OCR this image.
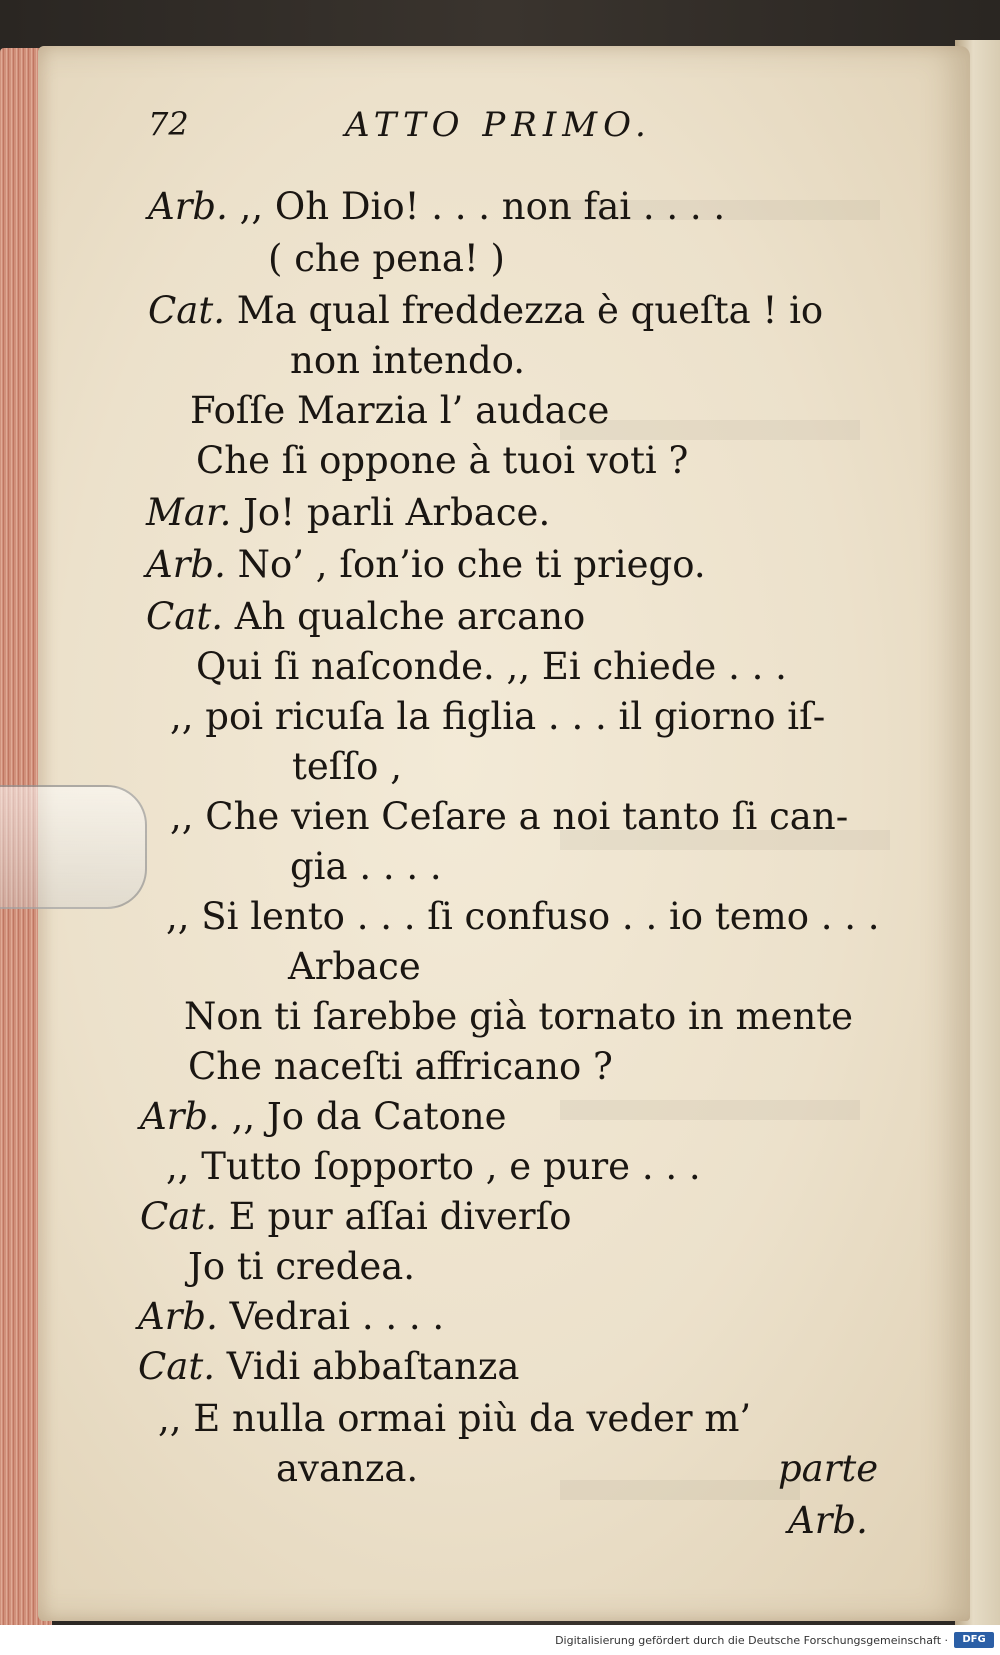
72	ATTO PRIMO.
Arb. ,, Oh Dio! . . . non fai . . . .
( che pena! )
Cat. Ma qual freddezza è queſta ! io
non intendo.
Foſſe Marzia l’ audace
Che ſi oppone à tuoi voti ?
Mar. Jo! parli Arbace.
Arb. No’ , ſon’io che ti priego.
Cat. Ah qualche arcano
Qui ſi naſconde. ,, Ei chiede . . .
,, poi ricuſa la figlia . . . il giorno iſ-
teſſo ,
,, Che vien Ceſare a noi tanto ſi can-
gia . . . .
,, Si lento . . . ſi confuso . . io temo . . .
Arbace
Non ti ſarebbe già tornato in mente
Che naceſti affricano ?
Arb. ,, Jo da Catone
,, Tutto ſopporto , e pure . . .
Cat. E pur aſſai diverſo
Jo ti credea.
Arb. Vedrai . . . .
Cat. Vidi abbaſtanza
,, E nulla ormai più da veder m’
avanza.	parte
Arb.
Digitalisierung gefördert durch die Deutsche Forschungsgemeinschaft ·	DFG
